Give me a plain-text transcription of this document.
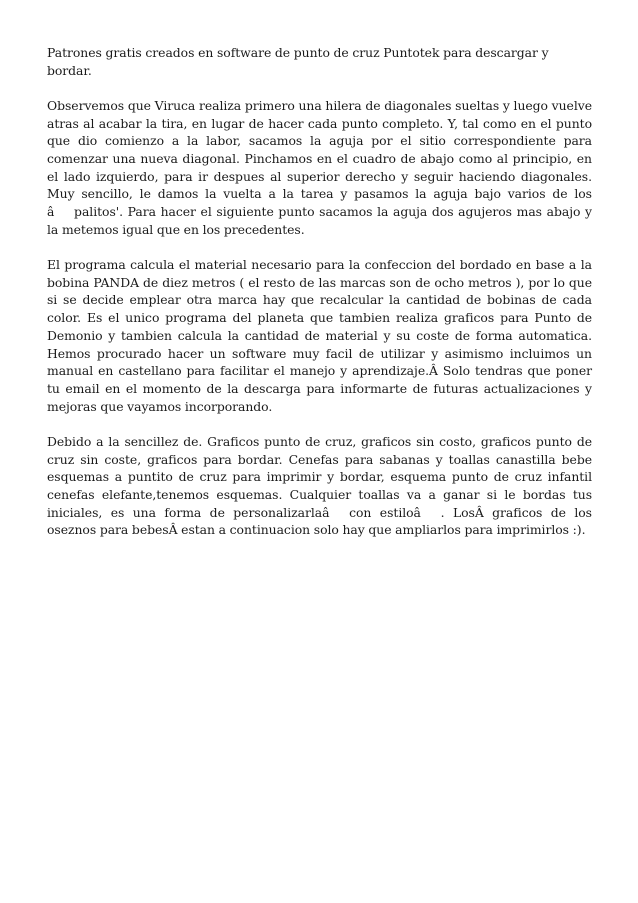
Patrones gratis creados en software de punto de cruz Puntotek para descargar y bordar.

Observemos que Viruca realiza primero una hilera de diagonales sueltas y luego vuelve atras al acabar la tira, en lugar de hacer cada punto completo. Y, tal como en el punto que dio comienzo a la labor, sacamos la aguja por el sitio correspondiente para comenzar una nueva diagonal. Pinchamos en el cuadro de abajo como al principio, en el lado izquierdo, para ir despues al superior derecho y seguir haciendo diagonales. Muy sencillo, le damos la vuelta a la tarea y pasamos la aguja bajo varios de los âpalitos'. Para hacer el siguiente punto sacamos la aguja dos agujeros mas abajo y la metemos igual que en los precedentes.

El programa calcula el material necesario para la confeccion del bordado en base a la bobina PANDA de diez metros ( el resto de las marcas son de ocho metros ), por lo que si se decide emplear otra marca hay que recalcular la cantidad de bobinas de cada color. Es el unico programa del planeta que tambien realiza graficos para Punto de Demonio y tambien calcula la cantidad de material y su coste de forma automatica. Hemos procurado hacer un software muy facil de utilizar y asimismo incluimos un manual en castellano para facilitar el manejo y aprendizaje.Â Solo tendras que poner tu email en el momento de la descarga para informarte de futuras actualizaciones y mejoras que vayamos incorporando.

Debido a la sencillez de. Graficos punto de cruz, graficos sin costo, graficos punto de cruz sin coste, graficos para bordar. Cenefas para sabanas y toallas canastilla bebe esquemas a puntito de cruz para imprimir y bordar, esquema punto de cruz infantil cenefas elefante,tenemos esquemas. Cualquier toallas va a ganar si le bordas tus iniciales, es una forma de personalizarlaâcon estiloâ. LosÂ graficos de los oseznos para bebesÂ estan a continuacion solo hay que ampliarlos para imprimirlos :).
